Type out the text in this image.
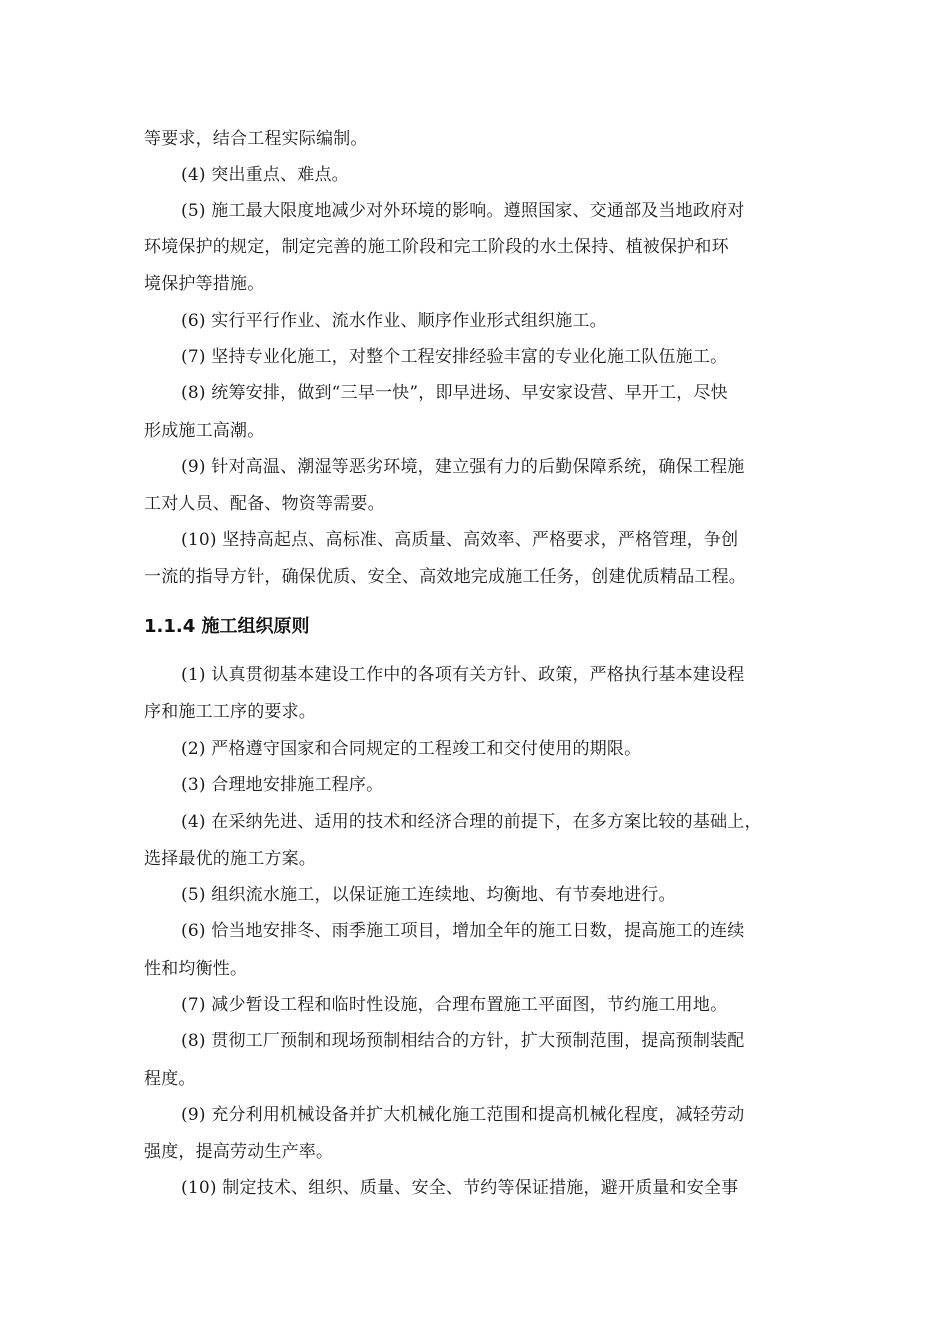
等要求，结合工程实际编制。
(4) 突出重点、难点。
(5) 施工最大限度地减少对外环境的影响。遵照国家、交通部及当地政府对
环境保护的规定，制定完善的施工阶段和完工阶段的水土保持、植被保护和环
境保护等措施。
(6) 实行平行作业、流水作业、顺序作业形式组织施工。
(7) 坚持专业化施工，对整个工程安排经验丰富的专业化施工队伍施工。
(8) 统筹安排，做到“三早一快”，即早进场、早安家设营、早开工，尽快
形成施工高潮。
(9) 针对高温、潮湿等恶劣环境，建立强有力的后勤保障系统，确保工程施
工对人员、配备、物资等需要。
(10) 坚持高起点、高标准、高质量、高效率、严格要求，严格管理，争创
一流的指导方针，确保优质、安全、高效地完成施工任务，创建优质精品工程。
1.1.4 施工组织原则
(1) 认真贯彻基本建设工作中的各项有关方针、政策，严格执行基本建设程
序和施工工序的要求。
(2) 严格遵守国家和合同规定的工程竣工和交付使用的期限。
(3) 合理地安排施工程序。
(4) 在采纳先进、适用的技术和经济合理的前提下，在多方案比较的基础上，
选择最优的施工方案。
(5) 组织流水施工，以保证施工连续地、均衡地、有节奏地进行。
(6) 恰当地安排冬、雨季施工项目，增加全年的施工日数，提高施工的连续
性和均衡性。
(7) 减少暂设工程和临时性设施，合理布置施工平面图，节约施工用地。
(8) 贯彻工厂预制和现场预制相结合的方针，扩大预制范围，提高预制装配
程度。
(9) 充分利用机械设备并扩大机械化施工范围和提高机械化程度，减轻劳动
强度，提高劳动生产率。
(10) 制定技术、组织、质量、安全、节约等保证措施，避开质量和安全事
